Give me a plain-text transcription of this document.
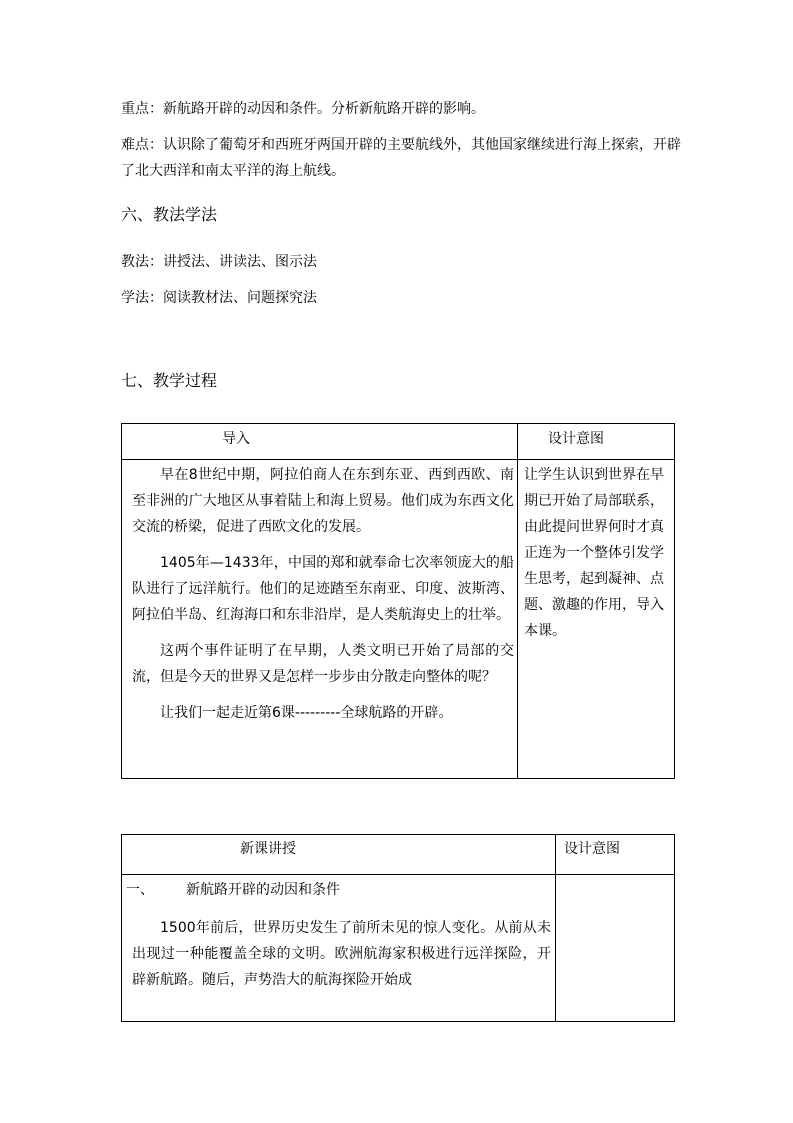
重点：新航路开辟的动因和条件。分析新航路开辟的影响。

难点：认识除了葡萄牙和西班牙两国开辟的主要航线外，其他国家继续进行海上探索，开辟了北大西洋和南太平洋的海上航线。

六、教法学法

教法：讲授法、讲读法、图示法

学法：阅读教材法、问题探究法

七、教学过程

导入	设计意图

早在8世纪中期，阿拉伯商人在东到东亚、西到西欧、南至非洲的广大地区从事着陆上和海上贸易。他们成为东西文化交流的桥梁，促进了西欧文化的发展。

1405年—1433年，中国的郑和就奉命七次率领庞大的船队进行了远洋航行。他们的足迹踏至东南亚、印度、波斯湾、阿拉伯半岛、红海海口和东非沿岸，是人类航海史上的壮举。

这两个事件证明了在早期，人类文明已开始了局部的交流，但是今天的世界又是怎样一步步由分散走向整体的呢？

让我们一起走近第6课---------全球航路的开辟。	让学生认识到世界在早期已开始了局部联系，由此提问世界何时才真正连为一个整体引发学生思考，起到凝神、点题、激趣的作用，导入本课。

新课讲授	设计意图

一、 新航路开辟的动因和条件

1500年前后，世界历史发生了前所未见的惊人变化。从前从未出现过一种能覆盖全球的文明。欧洲航海家积极进行远洋探险，开辟新航路。随后，声势浩大的航海探险开始成	
